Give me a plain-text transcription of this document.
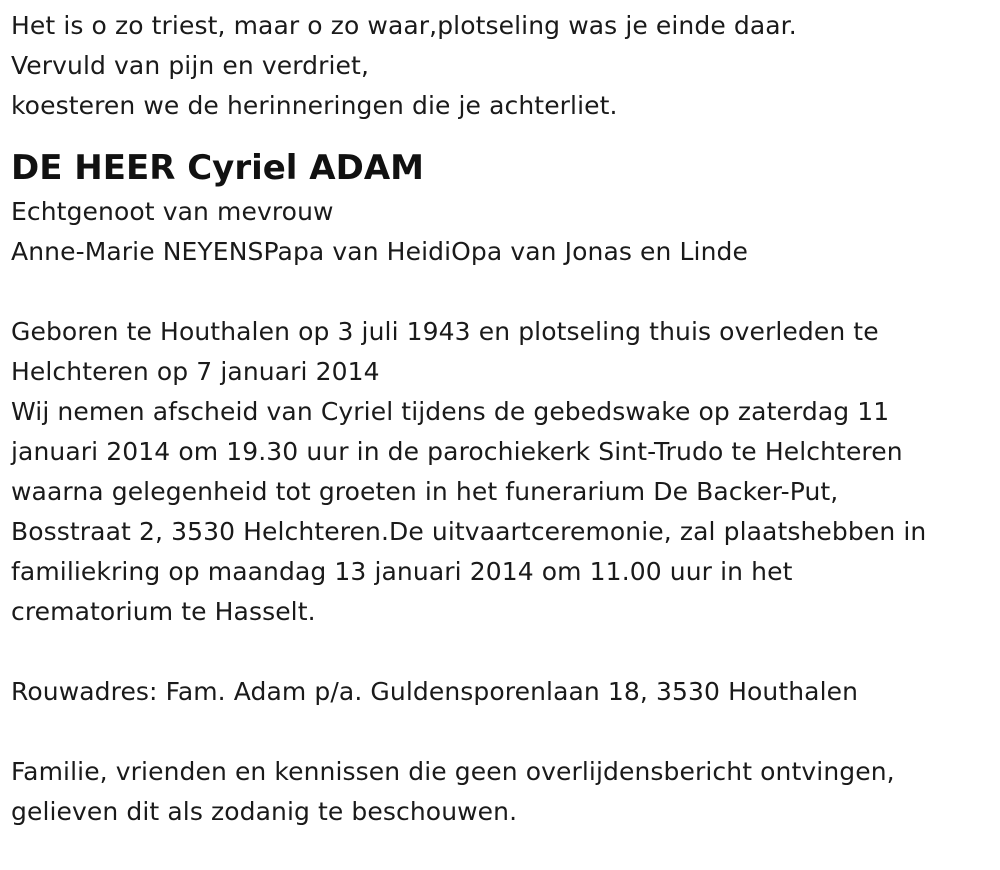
Het is o zo triest, maar o zo waar,plotseling was je einde daar.

Vervuld van pijn en verdriet,

koesteren we de herinneringen die je achterliet.

DE HEER Cyriel ADAM

Echtgenoot van mevrouw

Anne-Marie NEYENSPapa van HeidiOpa van Jonas en Linde

Geboren te Houthalen op 3 juli 1943 en plotseling thuis overleden te

Helchteren op 7 januari 2014

Wij nemen afscheid van Cyriel tijdens de gebedswake op zaterdag 11

januari 2014 om 19.30 uur in de parochiekerk Sint-Trudo te Helchteren

waarna gelegenheid tot groeten in het funerarium De Backer-Put,

Bosstraat 2, 3530 Helchteren.De uitvaartceremonie, zal plaatshebben in

familiekring op maandag 13 januari 2014 om 11.00 uur in het

crematorium te Hasselt.

Rouwadres: Fam. Adam p/a. Guldensporenlaan 18, 3530 Houthalen

Familie, vrienden en kennissen die geen overlijdensbericht ontvingen,

gelieven dit als zodanig te beschouwen.
